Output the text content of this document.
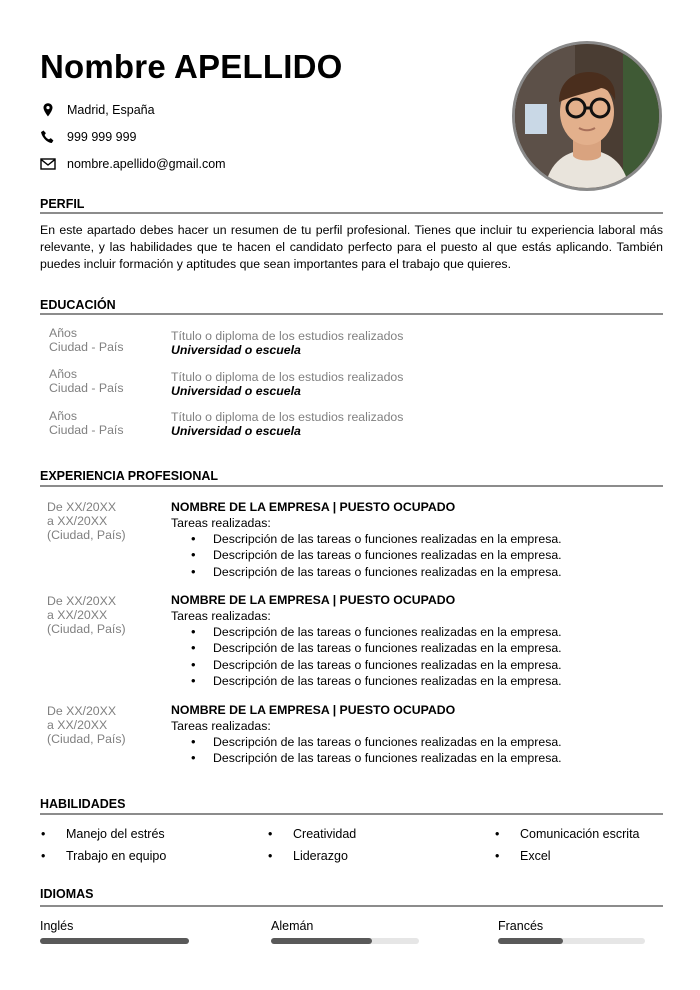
Nombre APELLIDO
Madrid, España
999 999 999
nombre.apellido@gmail.com
PERFIL
En este apartado debes hacer un resumen de tu perfil profesional. Tienes que incluir tu experiencia laboral más relevante, y las habilidades que te hacen el candidato perfecto para el puesto al que estás aplicando. También puedes incluir formación y aptitudes que sean importantes para el trabajo que quieres.
EDUCACIÓN
Años
Ciudad - País
Título o diploma de los estudios realizados
Universidad o escuela
Años
Ciudad - País
Título o diploma de los estudios realizados
Universidad o escuela
Años
Ciudad - País
Título o diploma de los estudios realizados
Universidad o escuela
EXPERIENCIA PROFESIONAL
De XX/20XX
a XX/20XX
(Ciudad, País)
NOMBRE DE LA EMPRESA | PUESTO OCUPADO
Tareas realizadas:
• Descripción de las tareas o funciones realizadas en la empresa.
• Descripción de las tareas o funciones realizadas en la empresa.
• Descripción de las tareas o funciones realizadas en la empresa.
De XX/20XX
a XX/20XX
(Ciudad, País)
NOMBRE DE LA EMPRESA | PUESTO OCUPADO
Tareas realizadas:
• Descripción de las tareas o funciones realizadas en la empresa.
• Descripción de las tareas o funciones realizadas en la empresa.
• Descripción de las tareas o funciones realizadas en la empresa.
• Descripción de las tareas o funciones realizadas en la empresa.
De XX/20XX
a XX/20XX
(Ciudad, País)
NOMBRE DE LA EMPRESA | PUESTO OCUPADO
Tareas realizadas:
• Descripción de las tareas o funciones realizadas en la empresa.
• Descripción de las tareas o funciones realizadas en la empresa.
HABILIDADES
•	Manejo del estrés	•	Creatividad	•	Comunicación escrita
•	Trabajo en equipo	•	Liderazgo	•	Excel
IDIOMAS
Inglés	Alemán	Francés
